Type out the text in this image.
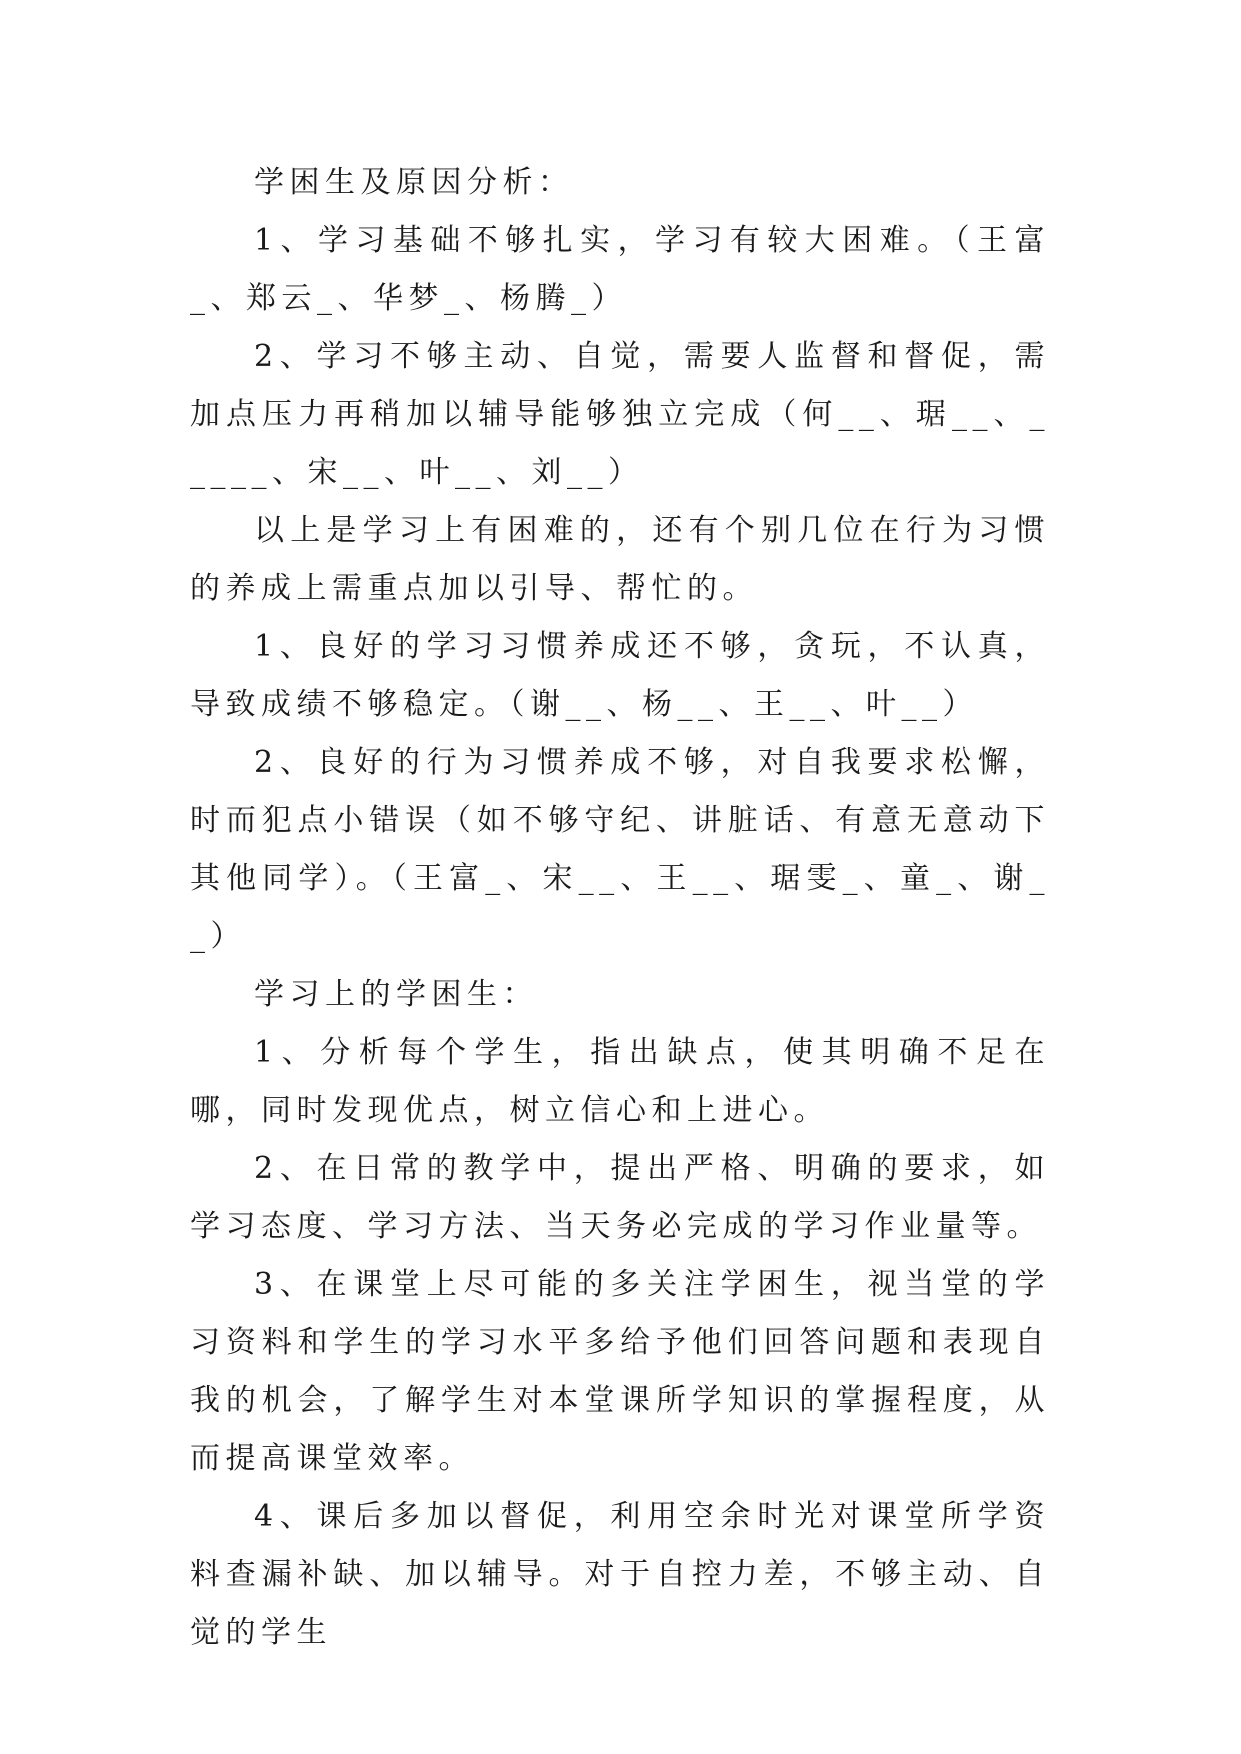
学困生及原因分析：

1、学习基础不够扎实，学习有较大困难。（王富_、郑云_、华梦_、杨腾_）

2、学习不够主动、自觉，需要人监督和督促，需加点压力再稍加以辅导能够独立完成（何__、琚__、_____、宋__、叶__、刘__）

以上是学习上有困难的，还有个别几位在行为习惯的养成上需重点加以引导、帮忙的。

1、良好的学习习惯养成还不够，贪玩，不认真，导致成绩不够稳定。（谢__、杨__、王__、叶__）

2、良好的行为习惯养成不够，对自我要求松懈，时而犯点小错误（如不够守纪、讲脏话、有意无意动下其他同学）。（王富_、宋__、王__、琚雯_、童_、谢__）

学习上的学困生：

1、分析每个学生，指出缺点，使其明确不足在哪，同时发现优点，树立信心和上进心。

2、在日常的教学中，提出严格、明确的要求，如学习态度、学习方法、当天务必完成的学习作业量等。

3、在课堂上尽可能的多关注学困生，视当堂的学习资料和学生的学习水平多给予他们回答问题和表现自我的机会，了解学生对本堂课所学知识的掌握程度，从而提高课堂效率。

4、课后多加以督促，利用空余时光对课堂所学资料查漏补缺、加以辅导。对于自控力差，不够主动、自觉的学生
